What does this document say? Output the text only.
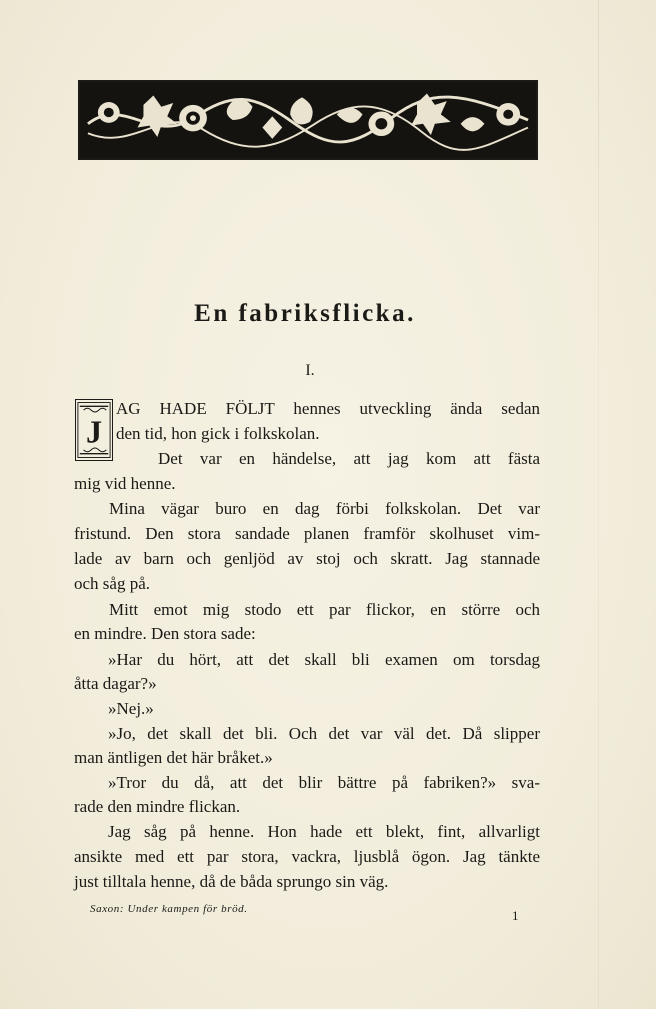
En fabriksflicka.
I.
J
AG HADE FÖLJT hennes utveckling ända sedan
den tid, hon gick i folkskolan.
Det var en händelse, att jag kom att fästa
mig vid henne.
Mina vägar buro en dag förbi folkskolan. Det var
fristund. Den stora sandade planen framför skolhuset vim-
lade av barn och genljöd av stoj och skratt. Jag stannade
och såg på.
Mitt emot mig stodo ett par flickor, en större och
en mindre. Den stora sade:
»Har du hört, att det skall bli examen om torsdag
åtta dagar?»
»Nej.»
»Jo, det skall det bli. Och det var väl det. Då slipper
man äntligen det här bråket.»
»Tror du då, att det blir bättre på fabriken?» sva-
rade den mindre flickan.
Jag såg på henne. Hon hade ett blekt, fint, allvarligt
ansikte med ett par stora, vackra, ljusblå ögon. Jag tänkte
just tilltala henne, då de båda sprungo sin väg.
Saxon: Under kampen för bröd.	1
